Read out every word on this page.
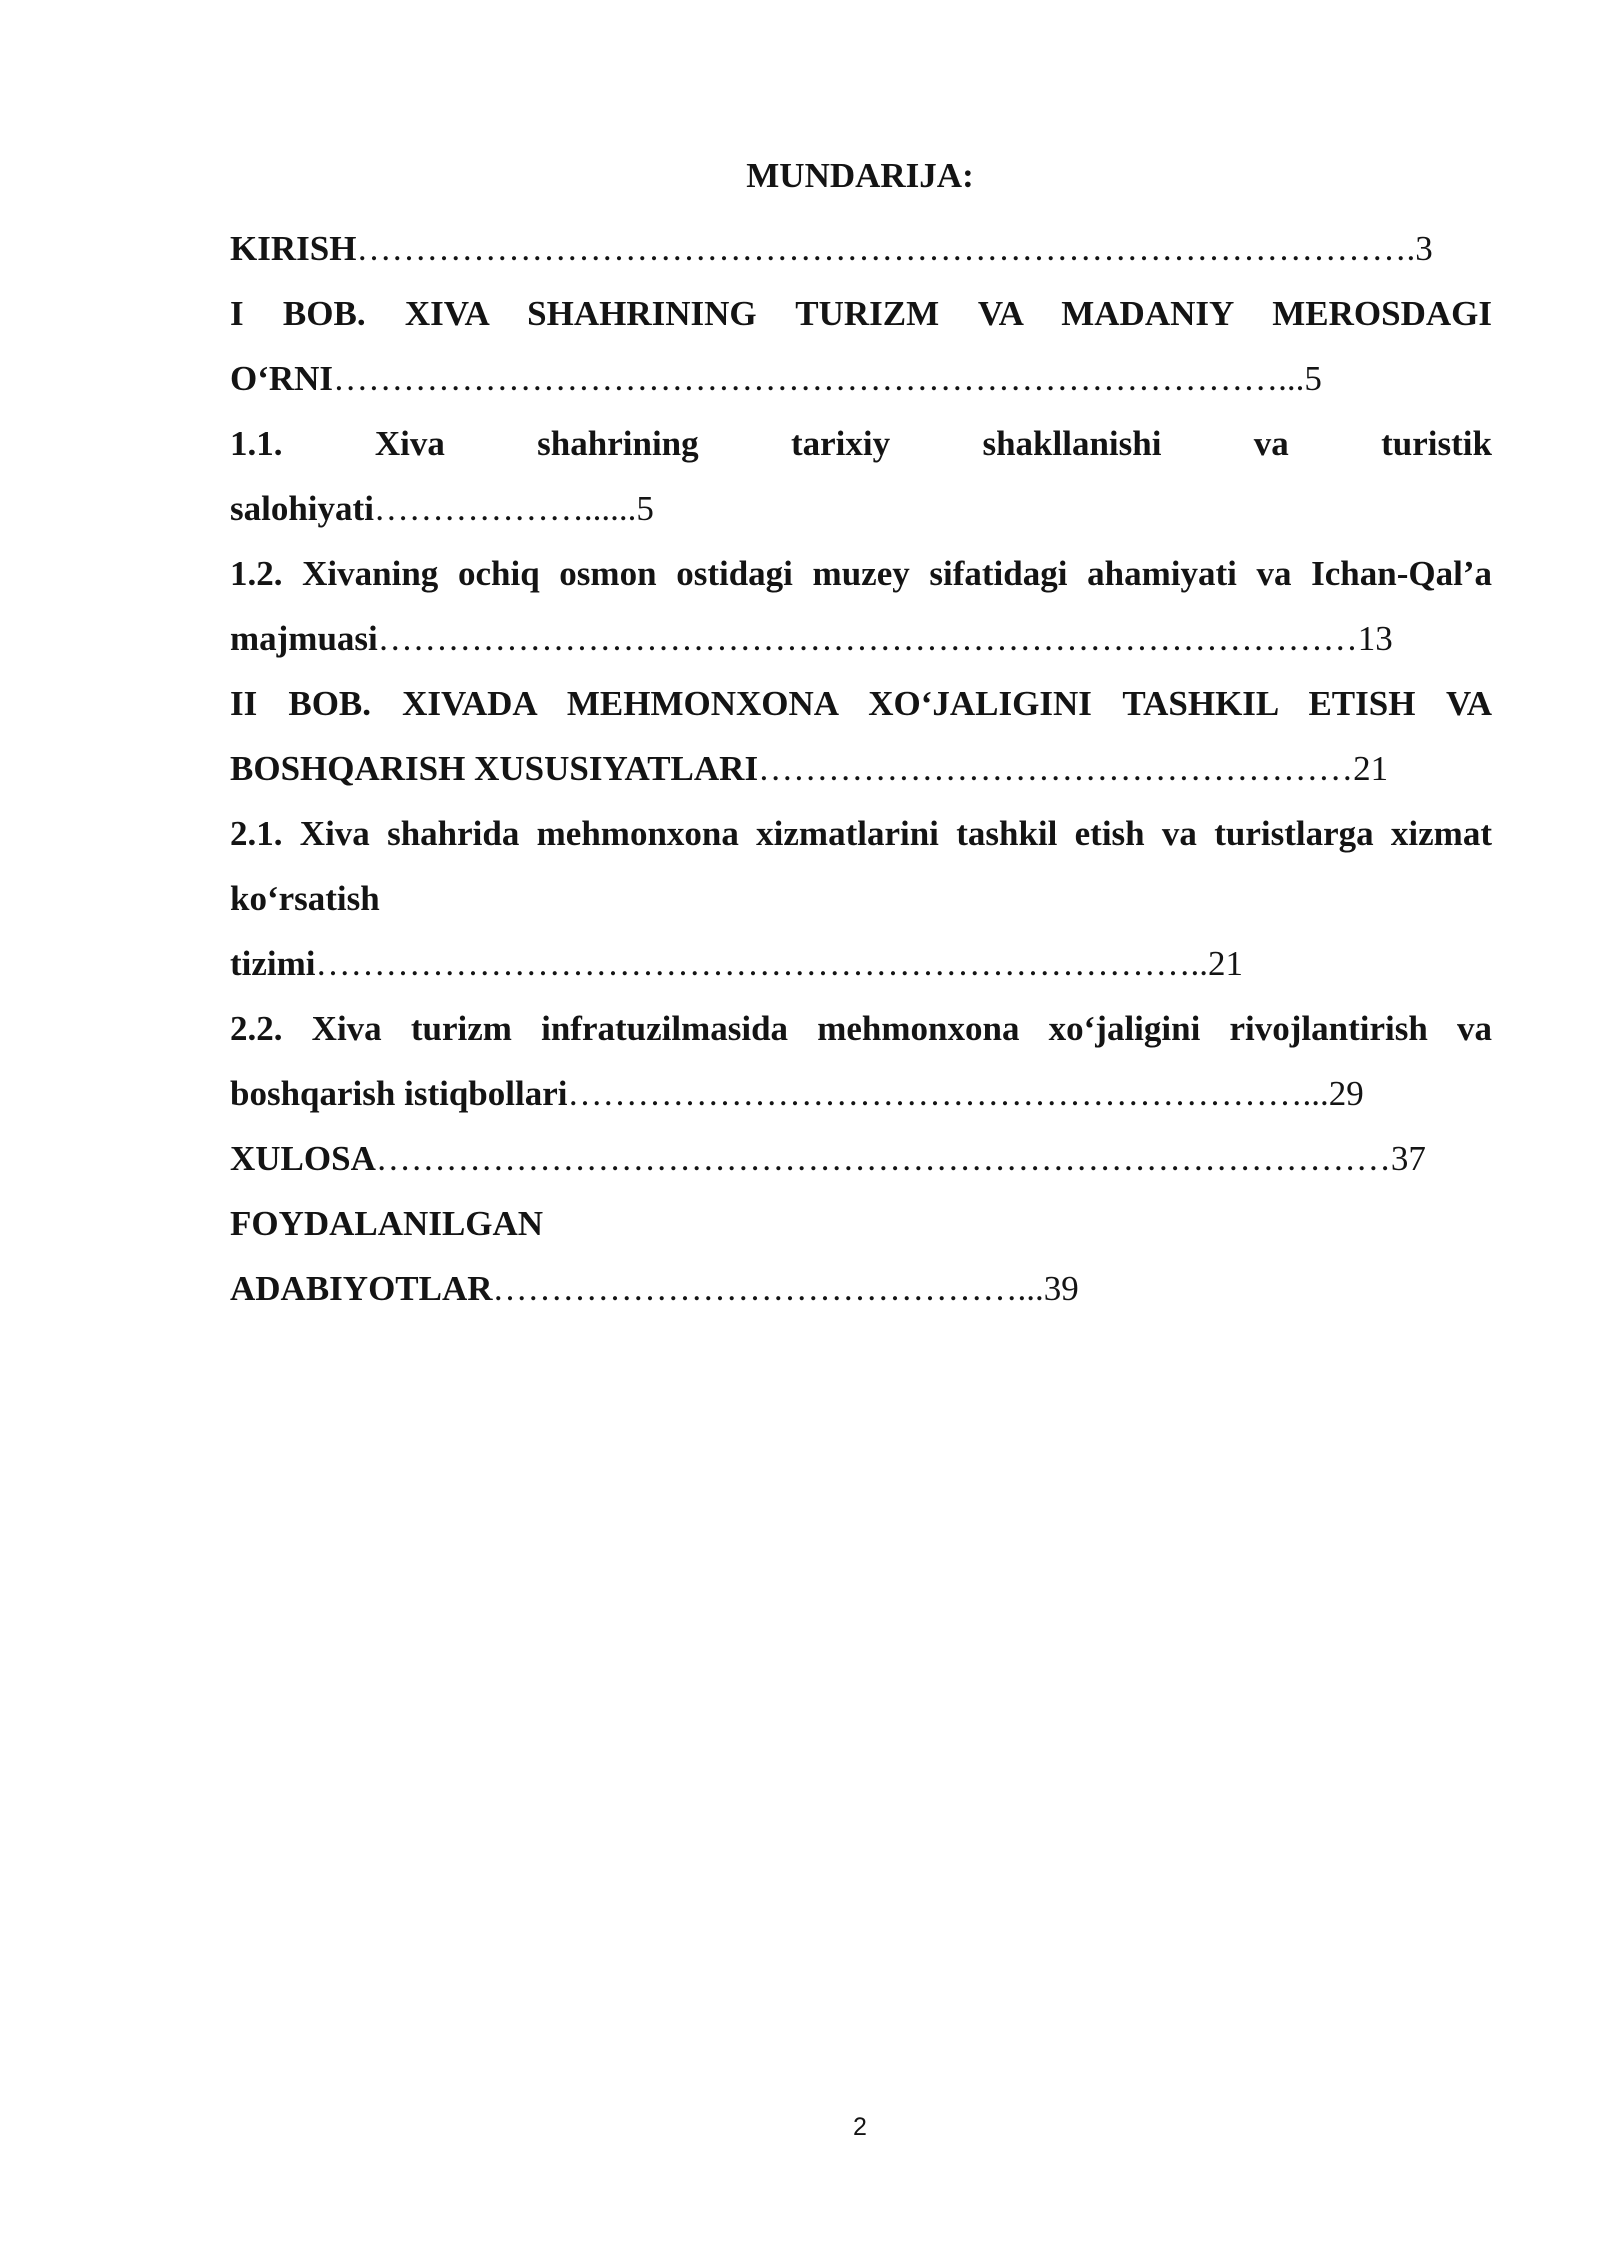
MUNDARIJA:
KIRISH……………………………………………………………………………….3
I BOB. XIVA SHAHRINING TURIZM VA MADANIY MEROSDAGI
O‘RNI………………………………………………………………………...5
1.1. Xiva shahrining tarixiy shakllanishi va turistik
salohiyati………………......5
1.2. Xivaning ochiq osmon ostidagi muzey sifatidagi ahamiyati va Ichan-Qal’a
majmuasi…………………………………………………………………………13
II BOB. XIVADA MEHMONXONA XO‘JALIGINI TASHKIL ETISH VA
BOSHQARISH XUSUSIYATLARI……………………………………………21
2.1. Xiva shahrida mehmonxona xizmatlarini tashkil etish va turistlarga xizmat
ko‘rsatish
tizimi…………………………………………………………………..21
2.2. Xiva turizm infratuzilmasida mehmonxona xo‘jaligini rivojlantirish va
boshqarish istiqbollari………………………………………………………...29
XULOSA……………………………………………………………………………37
FOYDALANILGAN
ADABIYOTLAR………………………………………...39
2
